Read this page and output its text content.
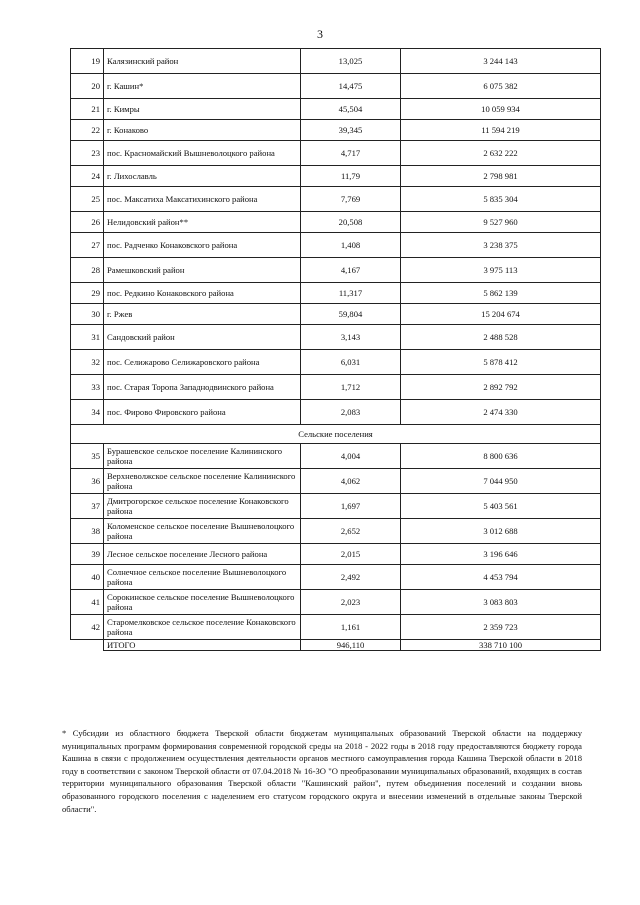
3
19	Калязинский район	13,025	3 244 143
20	г. Кашин*	14,475	6 075 382
21	г. Кимры	45,504	10 059 934
22	г. Конаково	39,345	11 594 219
23	пос. Красномайский Вышневолоцкого района	4,717	2 632 222
24	г. Лихославль	11,79	2 798 981
25	пос. Максатиха Максатихинского района	7,769	5 835 304
26	Нелидовский район**	20,508	9 527 960
27	пос. Радченко Конаковского района	1,408	3 238 375
28	Рамешковский район	4,167	3 975 113
29	пос. Редкино Конаковского района	11,317	5 862 139
30	г. Ржев	59,804	15 204 674
31	Сандовский район	3,143	2 488 528
32	пос. Селижарово Селижаровского района	6,031	5 878 412
33	пос. Старая Торопа Западнодвинского района	1,712	2 892 792
34	пос. Фирово Фировского района	2,083	2 474 330
Сельские поселения			
35	Бурашевское сельское поселение Калининского района	4,004	8 800 636
36	Верхневолжское сельское поселение Калининского района	4,062	7 044 950
37	Дмитрогорское сельское поселение Конаковского района	1,697	5 403 561
38	Коломенское сельское поселение Вышневолоцкого района	2,652	3 012 688
39	Лесное сельское поселение Лесного района	2,015	3 196 646
40	Солнечное сельское поселение Вышневолоцкого района	2,492	4 453 794
41	Сорокинское сельское поселение Вышневолоцкого района	2,023	3 083 803
42	Старомелковское сельское поселение Конаковского района	1,161	2 359 723
	ИТОГО	946,110	338 710 100
* Субсидии из областного бюджета Тверской области бюджетам муниципальных образований Тверской области на поддержку муниципальных программ формирования современной городской среды на 2018 - 2022 годы в 2018 году предоставляются бюджету города Кашина в связи с продолжением осуществления деятельности органов местного самоуправления города Кашина Тверской области в 2018 году в соответствии с законом Тверской области от 07.04.2018 № 16-ЗО "О преобразовании муниципальных образований, входящих в состав территории муниципального образования Тверской области "Кашинский район", путем объединения поселений и создании вновь образованного городского поселения с наделением его статусом городского округа и внесении изменений в отдельные законы Тверской области".
